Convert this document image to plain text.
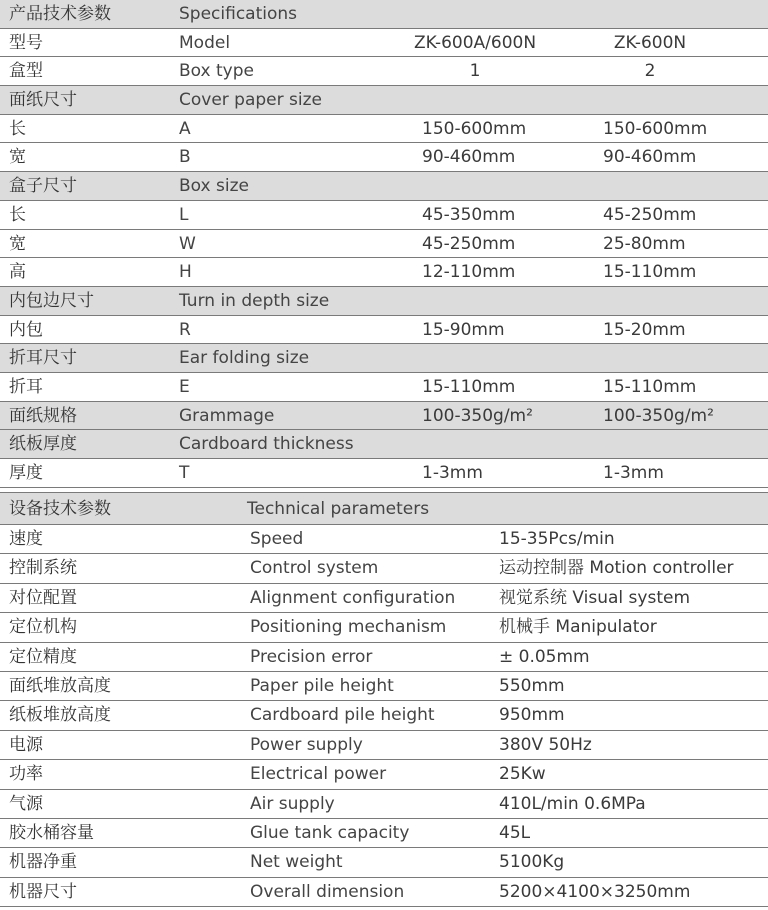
产品技术参数	Specifications
型号	Model	ZK-600A/600N	ZK-600N
盒型	Box type	1	2
面纸尺寸	Cover paper size
长	A	150-600mm	150-600mm
宽	B	90-460mm	90-460mm
盒子尺寸	Box size
长	L	45-350mm	45-250mm
宽	W	45-250mm	25-80mm
高	H	12-110mm	15-110mm
内包边尺寸	Turn in depth size
内包	R	15-90mm	15-20mm
折耳尺寸	Ear folding size
折耳	E	15-110mm	15-110mm
面纸规格	Grammage	100-350g/m²	100-350g/m²
纸板厚度	Cardboard thickness
厚度	T	1-3mm	1-3mm
设备技术参数	Technical parameters
速度	Speed	15-35Pcs/min
控制系统	Control system	运动控制器 Motion controller
对位配置	Alignment configuration	视觉系统 Visual system
定位机构	Positioning mechanism	机械手 Manipulator
定位精度	Precision error	± 0.05mm
面纸堆放高度	Paper pile height	550mm
纸板堆放高度	Cardboard pile height	950mm
电源	Power supply	380V 50Hz
功率	Electrical power	25Kw
气源	Air supply	410L/min 0.6MPa
胶水桶容量	Glue tank capacity	45L
机器净重	Net weight	5100Kg
机器尺寸	Overall dimension	5200×4100×3250mm
